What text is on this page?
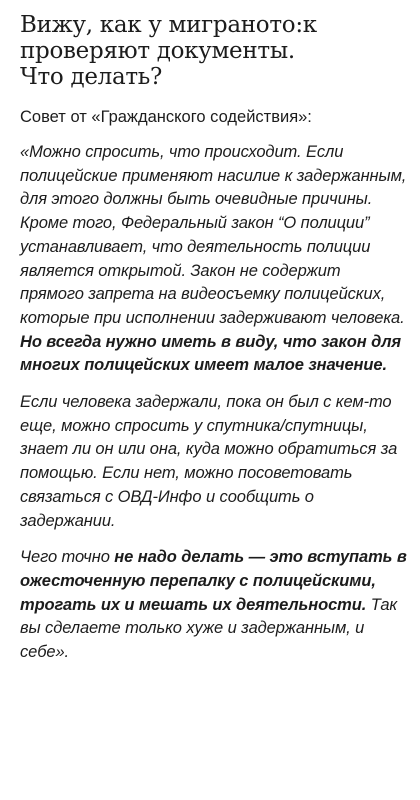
Вижу, как у миграното:к
проверяют документы.
Что делать?

Совет от «Гражданского содействия»:

«Можно спросить, что происходит. Если полицейские применяют насилие к задержанным, для этого должны быть очевидные причины. Кроме того, Федеральный закон “О полиции” устанавливает, что деятельность полиции является открытой. Закон не содержит прямого запрета на видеосъемку полицейских, которые при исполнении задерживают человека. Но всегда нужно иметь в виду, что закон для многих полицейских имеет малое значение.

Если человека задержали, пока он был с кем-то еще, можно спросить у спутника/спутницы, знает ли он или она, куда можно обратиться за помощью. Если нет, можно посоветовать связаться с ОВД-Инфо и сообщить о задержании.

Чего точно не надо делать — это вступать в ожесточенную перепалку с полицейскими, трогать их и мешать их деятельности. Так вы сделаете только хуже и задержанным, и себе».
